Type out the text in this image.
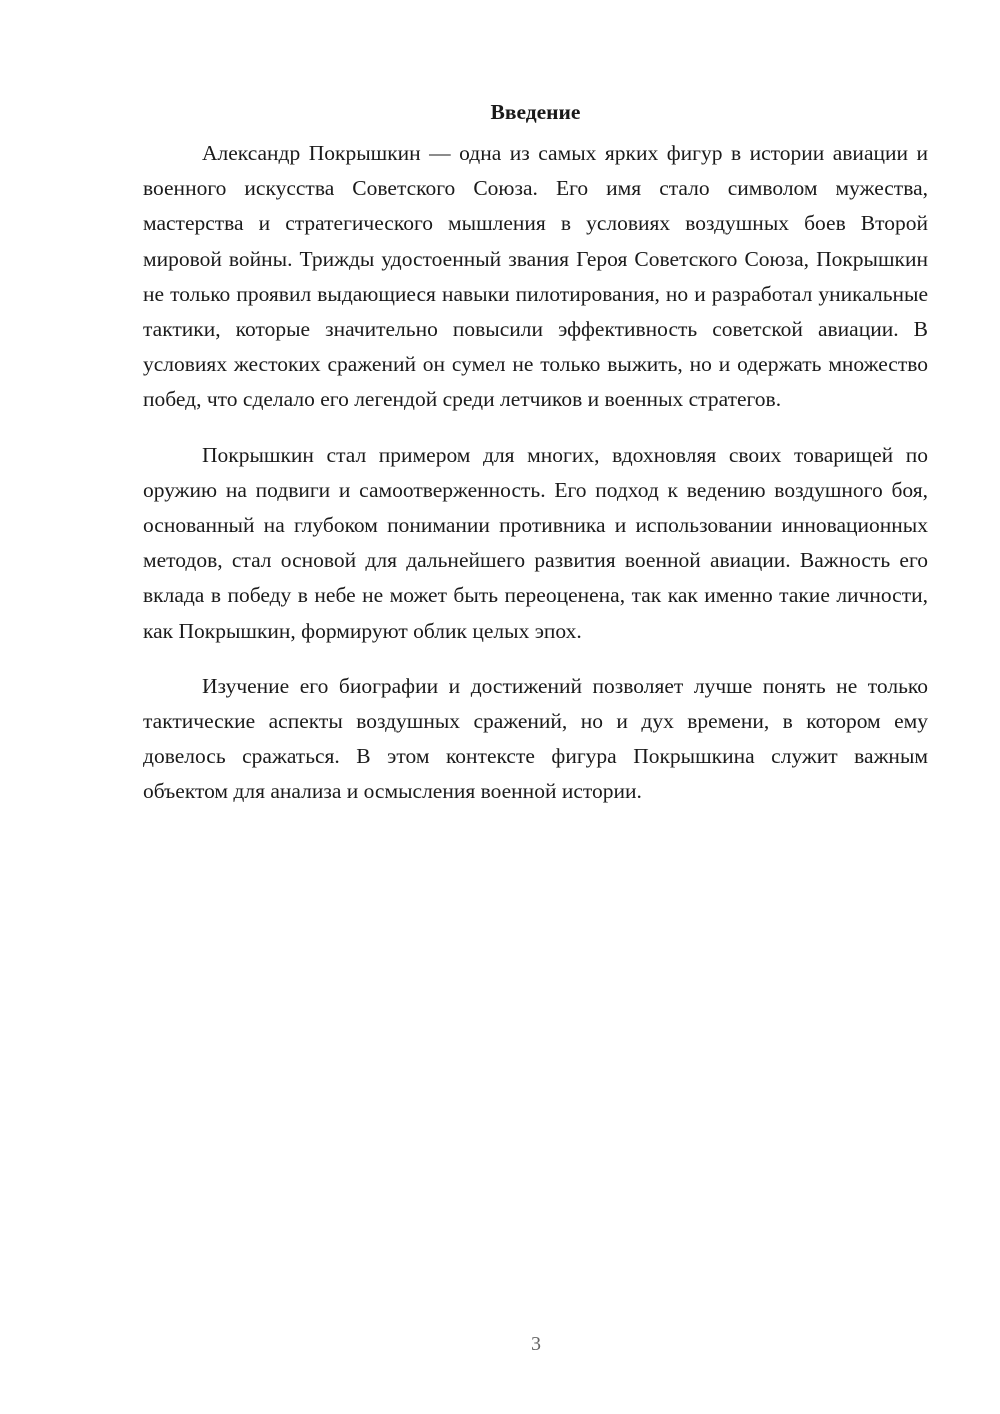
Введение

Александр Покрышкин — одна из самых ярких фигур в истории авиации и военного искусства Советского Союза. Его имя стало символом мужества, мастерства и стратегического мышления в условиях воздушных боев Второй мировой войны. Трижды удостоенный звания Героя Советского Союза, Покрышкин не только проявил выдающиеся навыки пилотирования, но и разработал уникальные тактики, которые значительно повысили эффективность советской авиации. В условиях жестоких сражений он сумел не только выжить, но и одержать множество побед, что сделало его легендой среди летчиков и военных стратегов.

Покрышкин стал примером для многих, вдохновляя своих товарищей по оружию на подвиги и самоотверженность. Его подход к ведению воздушного боя, основанный на глубоком понимании противника и использовании инновационных методов, стал основой для дальнейшего развития военной авиации. Важность его вклада в победу в небе не может быть переоценена, так как именно такие личности, как Покрышкин, формируют облик целых эпох.

Изучение его биографии и достижений позволяет лучше понять не только тактические аспекты воздушных сражений, но и дух времени, в котором ему довелось сражаться. В этом контексте фигура Покрышкина служит важным объектом для анализа и осмысления военной истории.

3
